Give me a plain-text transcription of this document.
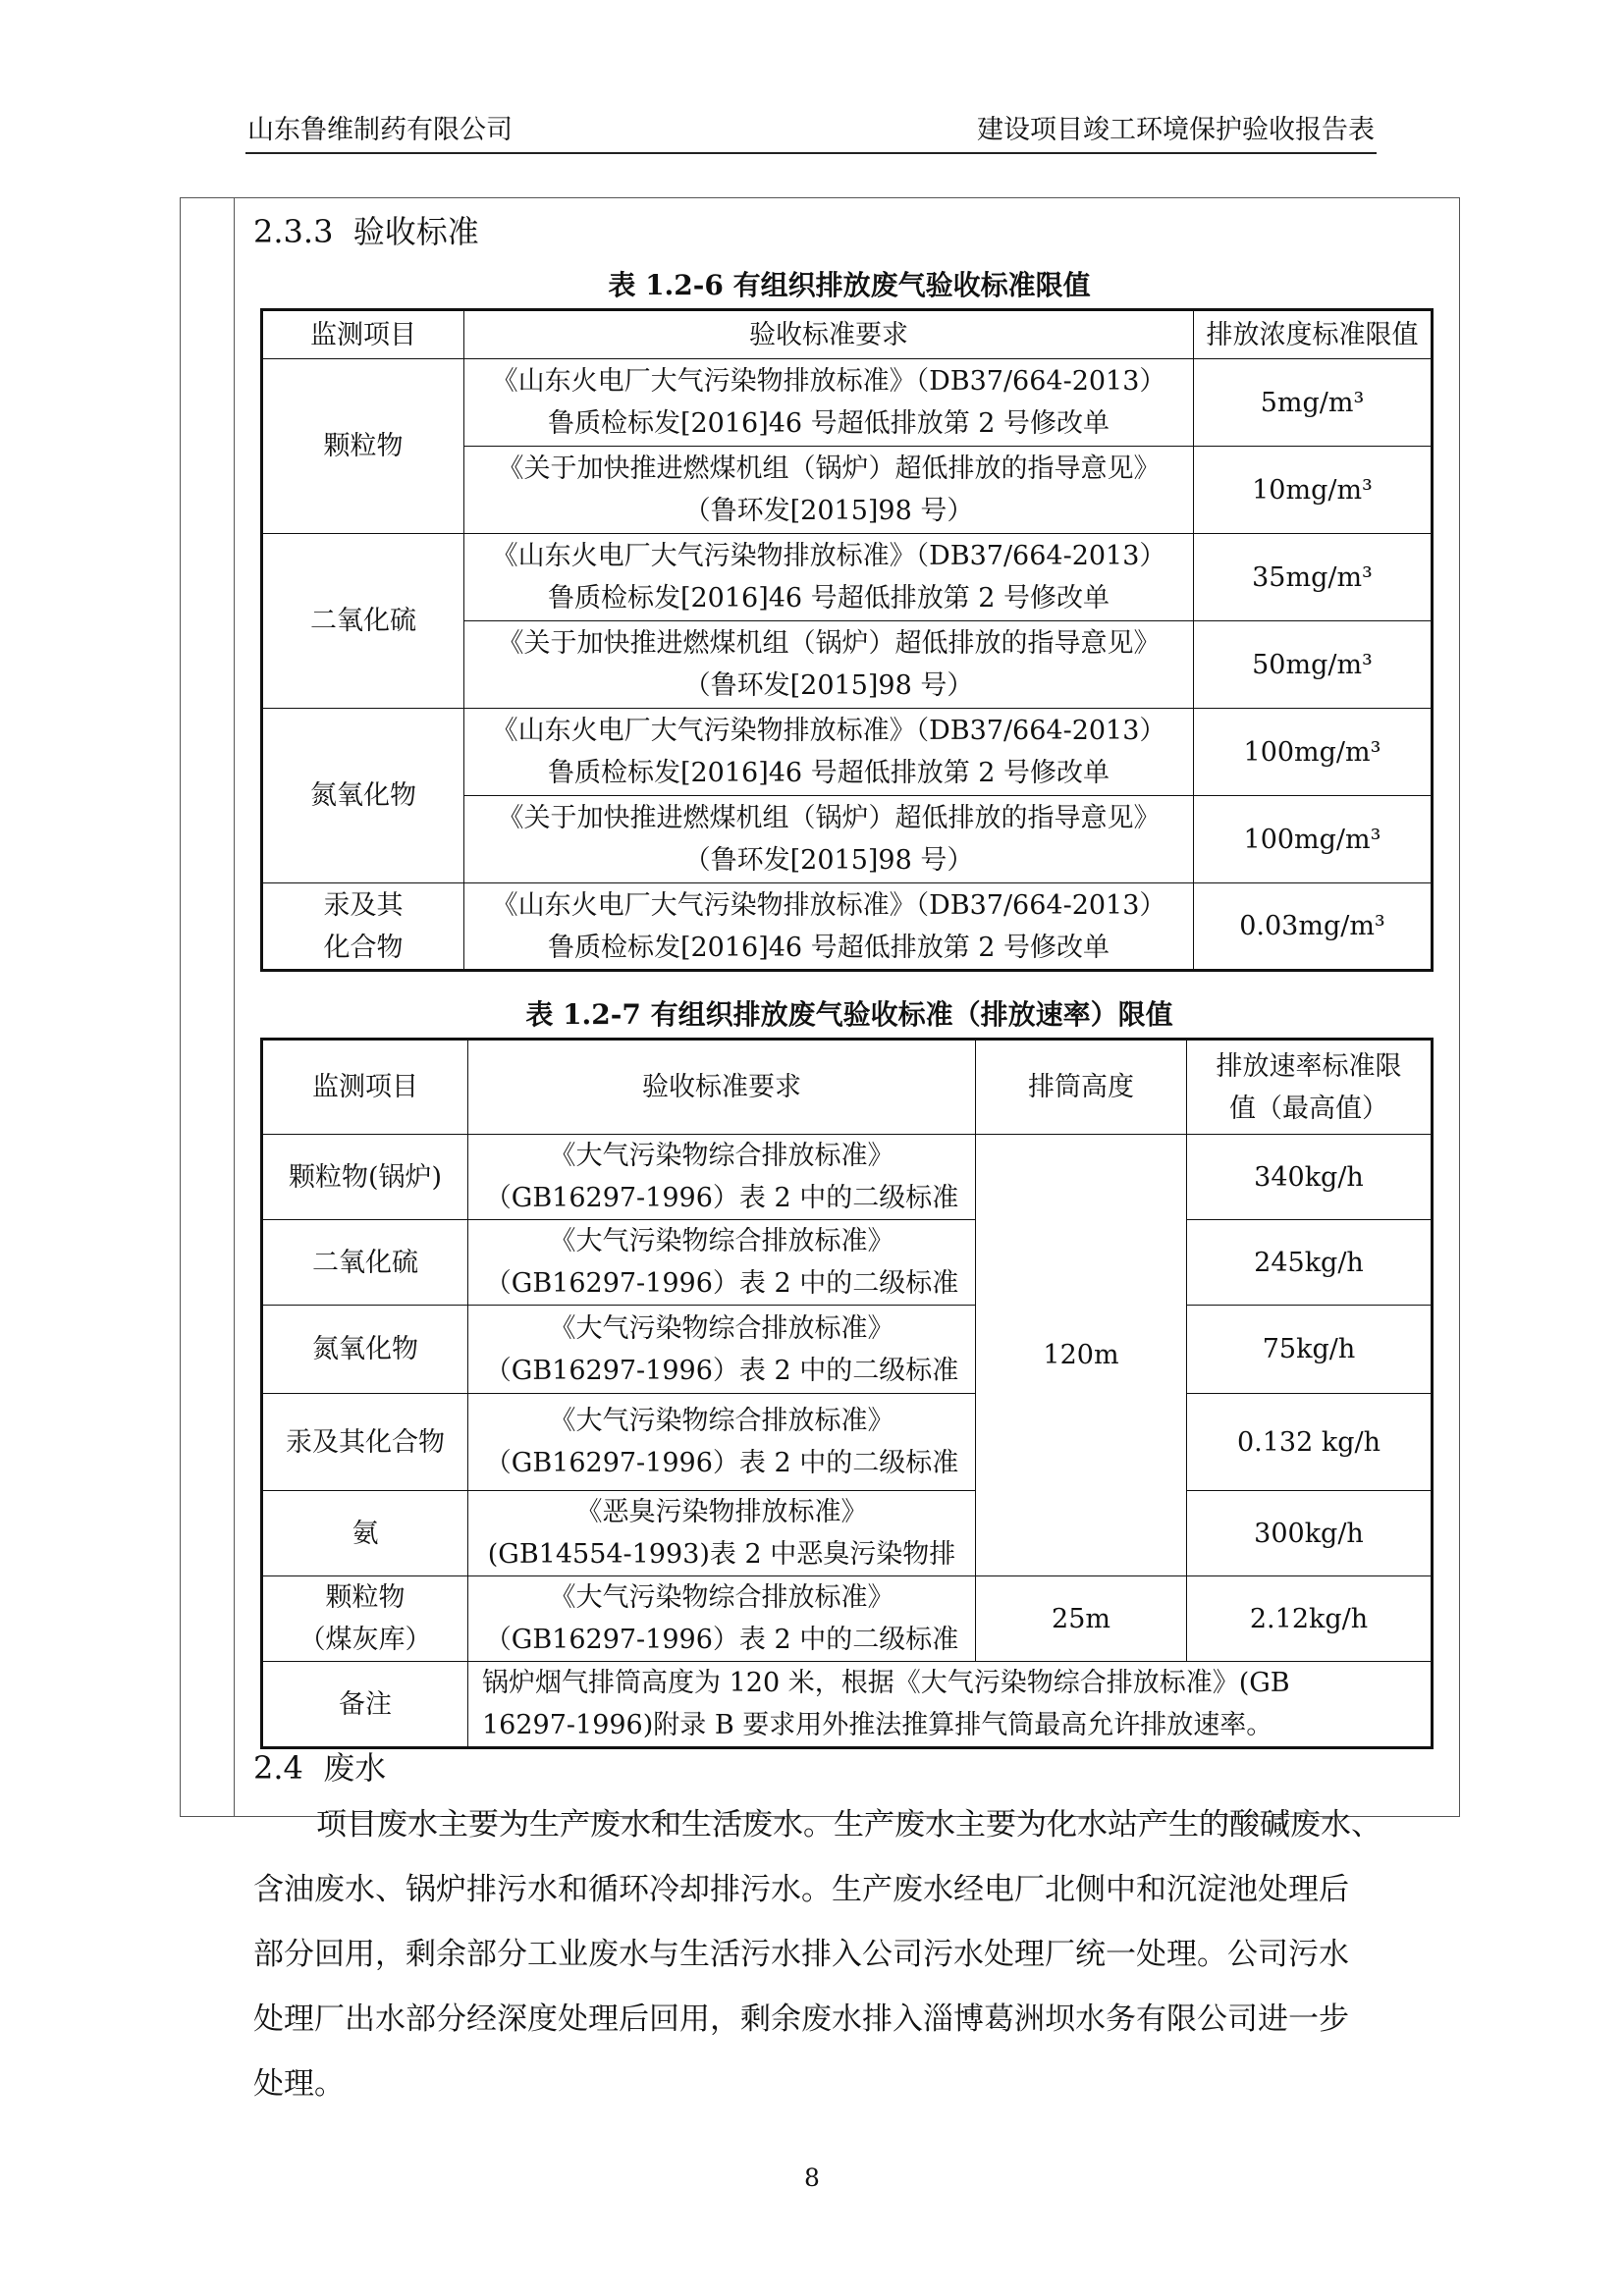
山东鲁维制药有限公司	建设项目竣工环境保护验收报告表
2.3.3 验收标准
表 1.2-6 有组织排放废气验收标准限值
监测项目	验收标准要求	排放浓度标准限值

颗粒物	《山东火电厂大气污染物排放标准》（DB37/664-2013）
鲁质检标发[2016]46 号超低排放第 2 号修改单	5mg/m³

	《关于加快推进燃煤机组（锅炉）超低排放的指导意见》
（鲁环发[2015]98 号）	10mg/m³

二氧化硫	《山东火电厂大气污染物排放标准》（DB37/664-2013）
鲁质检标发[2016]46 号超低排放第 2 号修改单	35mg/m³

	《关于加快推进燃煤机组（锅炉）超低排放的指导意见》
（鲁环发[2015]98 号）	50mg/m³

氮氧化物	《山东火电厂大气污染物排放标准》（DB37/664-2013）
鲁质检标发[2016]46 号超低排放第 2 号修改单	100mg/m³

	《关于加快推进燃煤机组（锅炉）超低排放的指导意见》
（鲁环发[2015]98 号）	100mg/m³

汞及其
化合物	《山东火电厂大气污染物排放标准》（DB37/664-2013）
鲁质检标发[2016]46 号超低排放第 2 号修改单	0.03mg/m³
表 1.2-7 有组织排放废气验收标准（排放速率）限值
监测项目	验收标准要求	排筒高度	排放速率标准限
值（最高值）

颗粒物(锅炉)	《大气污染物综合排放标准》
（GB16297-1996）表 2 中的二级标准	120m	340kg/h

二氧化硫	《大气污染物综合排放标准》
（GB16297-1996）表 2 中的二级标准		245kg/h

氮氧化物	《大气污染物综合排放标准》
（GB16297-1996）表 2 中的二级标准		75kg/h

汞及其化合物	《大气污染物综合排放标准》
（GB16297-1996）表 2 中的二级标准		0.132 kg/h

氨	《恶臭污染物排放标准》
(GB14554-1993)表 2 中恶臭污染物排		300kg/h

颗粒物
（煤灰库）	《大气污染物综合排放标准》
（GB16297-1996）表 2 中的二级标准	25m	2.12kg/h
备注	锅炉烟气排筒高度为 120 米，根据《大气污染物综合排放标准》(GB
16297-1996)附录 B 要求用外推法推算排气筒最高允许排放速率。		
2.4 废水
项目废水主要为生产废水和生活废水。生产废水主要为化水站产生的酸碱废水、
含油废水、锅炉排污水和循环冷却排污水。生产废水经电厂北侧中和沉淀池处理后
部分回用，剩余部分工业废水与生活污水排入公司污水处理厂统一处理。公司污水
处理厂出水部分经深度处理后回用，剩余废水排入淄博葛洲坝水务有限公司进一步
处理。
8
